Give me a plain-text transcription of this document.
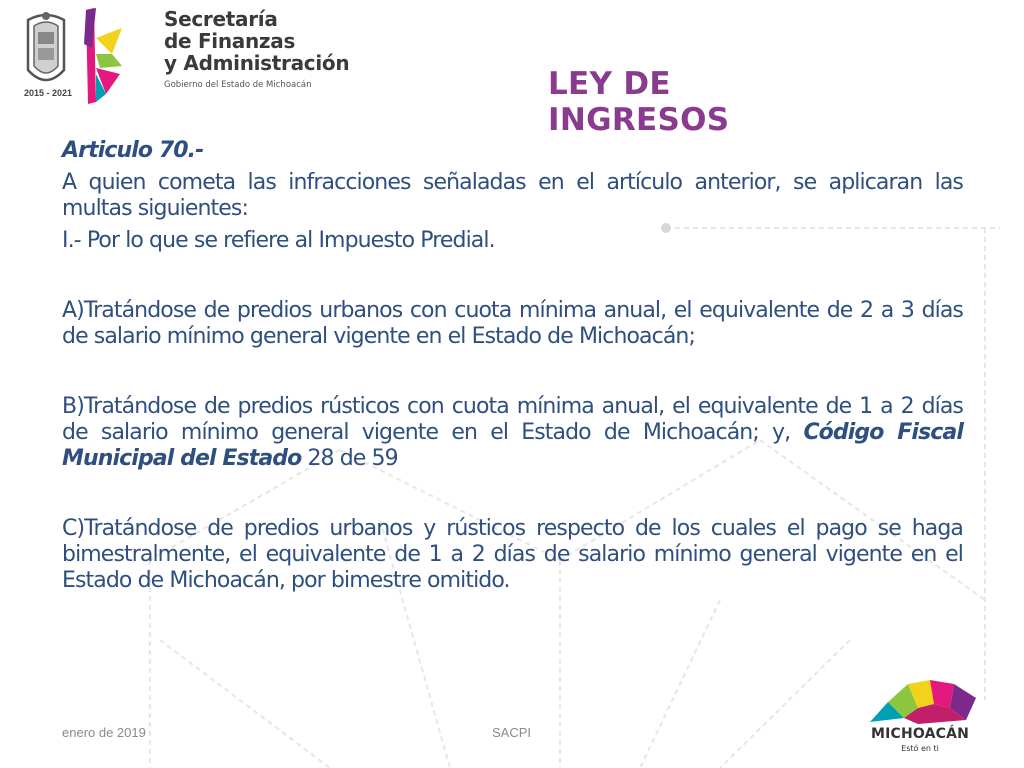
2015 - 2021
Secretaría
de Finanzas
y Administración
Gobierno del Estado de Michoacán	LEY DE INGRESOS

Articulo 70.-

A quien cometa las infracciones señaladas en el artículo anterior, se aplicaran las multas siguientes:

I.- Por lo que se refiere al Impuesto Predial.

A)Tratándose de predios urbanos con cuota mínima anual, el equivalente de 2 a 3 días de salario mínimo general vigente en el Estado de Michoacán;

B)Tratándose de predios rústicos con cuota mínima anual, el equivalente de 1 a 2 días de salario mínimo general vigente en el Estado de Michoacán; y, Código Fiscal Municipal del Estado 28 de 59

C)Tratándose de predios urbanos y rústicos respecto de los cuales el pago se haga bimestralmente, el equivalente de 1 a 2 días de salario mínimo general vigente en el Estado de Michoacán, por bimestre omitido.

enero de 2019	SACPI	MICHOACÁN
Estó en ti
